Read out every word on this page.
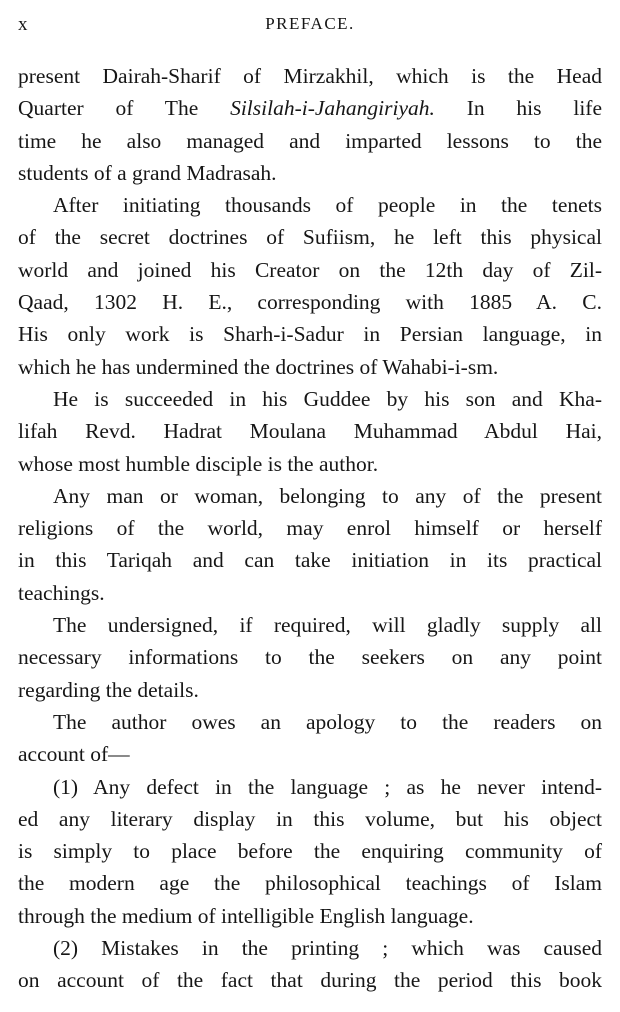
x	PREFACE.
present Dairah-Sharif of Mirzakhil, which is the Head
Quarter of The Silsilah-i-Jahangiriyah. In his life
time he also managed and imparted lessons to the
students of a grand Madrasah.
After initiating thousands of people in the tenets
of the secret doctrines of Sufiism, he left this physical
world and joined his Creator on the 12th day of Zil-
Qaad, 1302 H. E., corresponding with 1885 A. C.
His only work is Sharh-i-Sadur in Persian language, in
which he has undermined the doctrines of Wahabi-i-sm.
He is succeeded in his Guddee by his son and Kha-
lifah Revd. Hadrat Moulana Muhammad Abdul Hai,
whose most humble disciple is the author.
Any man or woman, belonging to any of the present
religions of the world, may enrol himself or herself
in this Tariqah and can take initiation in its practical
teachings.
The undersigned, if required, will gladly supply all
necessary informations to the seekers on any point
regarding the details.
The author owes an apology to the readers on
account of—
(1) Any defect in the language ; as he never intend-
ed any literary display in this volume, but his object
is simply to place before the enquiring community of
the modern age the philosophical teachings of Islam
through the medium of intelligible English language.
(2) Mistakes in the printing ; which was caused
on account of the fact that during the period this book
